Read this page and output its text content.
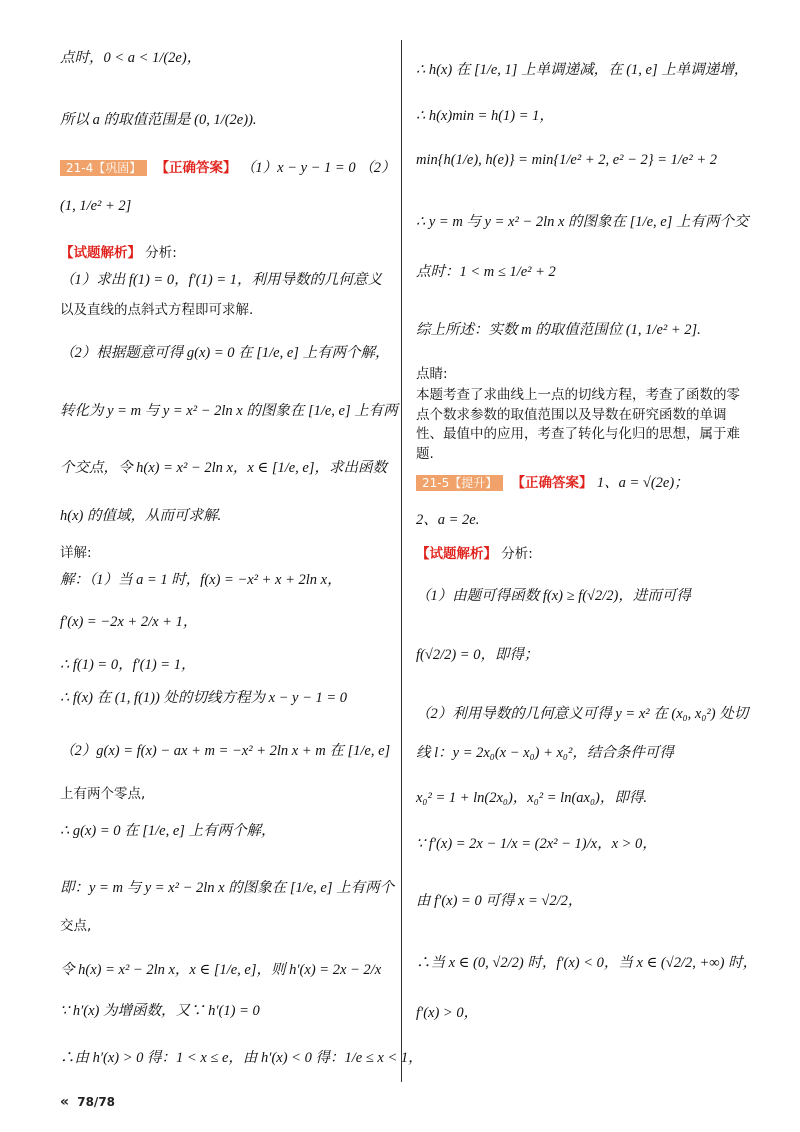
点时，0 < a < 1/(2e)，
所以 a 的取值范围是 (0, 1/(2e)).
21-4【巩固】 【正确答案】 （1）x − y − 1 = 0 （2）
(1, 1/e² + 2]
【试题解析】 分析:
（1）求出 f(1) = 0，f′(1) = 1，利用导数的几何意义
以及直线的点斜式方程即可求解.
（2）根据题意可得 g(x) = 0 在 [1/e, e] 上有两个解，
转化为 y = m 与 y = x² − 2ln x 的图象在 [1/e, e] 上有两
个交点，令 h(x) = x² − 2ln x，x ∈ [1/e, e]，求出函数
h(x) 的值域，从而可求解.
详解:
解：（1）当 a = 1 时，f(x) = −x² + x + 2ln x，
f′(x) = −2x + 2/x + 1，
∴ f(1) = 0，f′(1) = 1，
∴ f(x) 在 (1, f(1)) 处的切线方程为 x − y − 1 = 0
（2）g(x) = f(x) − ax + m = −x² + 2ln x + m 在 [1/e, e]
上有两个零点,
∴ g(x) = 0 在 [1/e, e] 上有两个解，
即：y = m 与 y = x² − 2ln x 的图象在 [1/e, e] 上有两个
交点,
令 h(x) = x² − 2ln x，x ∈ [1/e, e]，则 h′(x) = 2x − 2/x
∵ h′(x) 为增函数，又∵ h′(1) = 0
∴由 h′(x) > 0 得：1 < x ≤ e，由 h′(x) < 0 得：1/e ≤ x < 1，
∴ h(x) 在 [1/e, 1] 上单调递减，在 (1, e] 上单调递增，
∴ h(x)min = h(1) = 1，
min{h(1/e), h(e)} = min{1/e² + 2, e² − 2} = 1/e² + 2
∴ y = m 与 y = x² − 2ln x 的图象在 [1/e, e] 上有两个交
点时：1 < m ≤ 1/e² + 2
综上所述：实数 m 的取值范围位 (1, 1/e² + 2].
点睛:
本题考查了求曲线上一点的切线方程，考查了函数的零点个数求参数的取值范围以及导数在研究函数的单调性、最值中的应用，考查了转化与化归的思想，属于难题.
21-5【提升】 【正确答案】 1、a = √(2e)；
2、a = 2e.
【试题解析】 分析:
（1）由题可得函数 f(x) ≥ f(√2/2)，进而可得
f(√2/2) = 0，即得；
（2）利用导数的几何意义可得 y = x² 在 (x₀, x₀²) 处切
线 l：y = 2x₀(x − x₀) + x₀²，结合条件可得
x₀² = 1 + ln(2x₀)，x₀² = ln(ax₀)，即得.
∵ f′(x) = 2x − 1/x = (2x² − 1)/x，x > 0，
由 f′(x) = 0 可得 x = √2/2，
∴当 x ∈ (0, √2/2) 时，f′(x) < 0，当 x ∈ (√2/2, +∞) 时，
f′(x) > 0，
« 78/78
